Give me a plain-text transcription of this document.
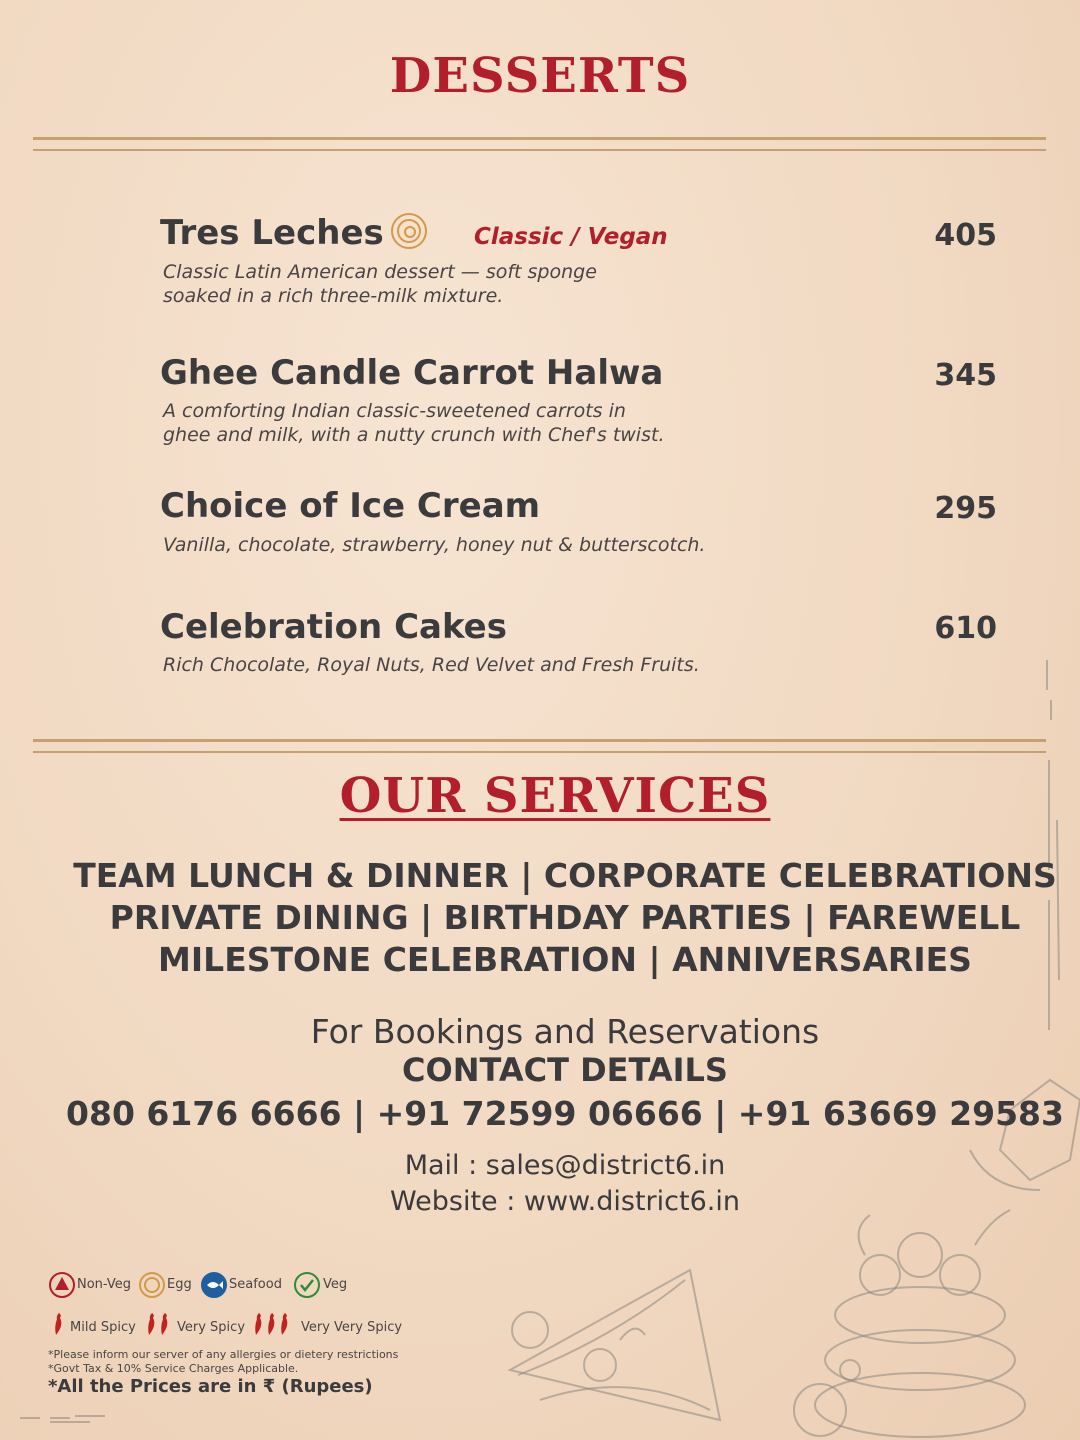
DESSERTS
Tres Leches	Classic / Vegan	405
Classic Latin American dessert — soft sponge
soaked in a rich three-milk mixture.
Ghee Candle Carrot Halwa	345
A comforting Indian classic-sweetened carrots in
ghee and milk, with a nutty crunch with Chef's twist.
Choice of Ice Cream	295
Vanilla, chocolate, strawberry, honey nut & butterscotch.
Celebration Cakes	610
Rich Chocolate, Royal Nuts, Red Velvet and Fresh Fruits.
OUR SERVICES
TEAM LUNCH & DINNER | CORPORATE CELEBRATIONS
PRIVATE DINING | BIRTHDAY PARTIES | FAREWELL
MILESTONE CELEBRATION | ANNIVERSARIES
For Bookings and Reservations
CONTACT DETAILS
080 6176 6666 | +91 72599 06666 | +91 63669 29583
Mail : sales@district6.in
Website : www.district6.in
Non-Veg	Egg	Seafood	Veg
Mild Spicy	Very Spicy	Very Very Spicy
*Please inform our server of any allergies or dietery restrictions
*Govt Tax & 10% Service Charges Applicable.
*All the Prices are in ₹ (Rupees)
